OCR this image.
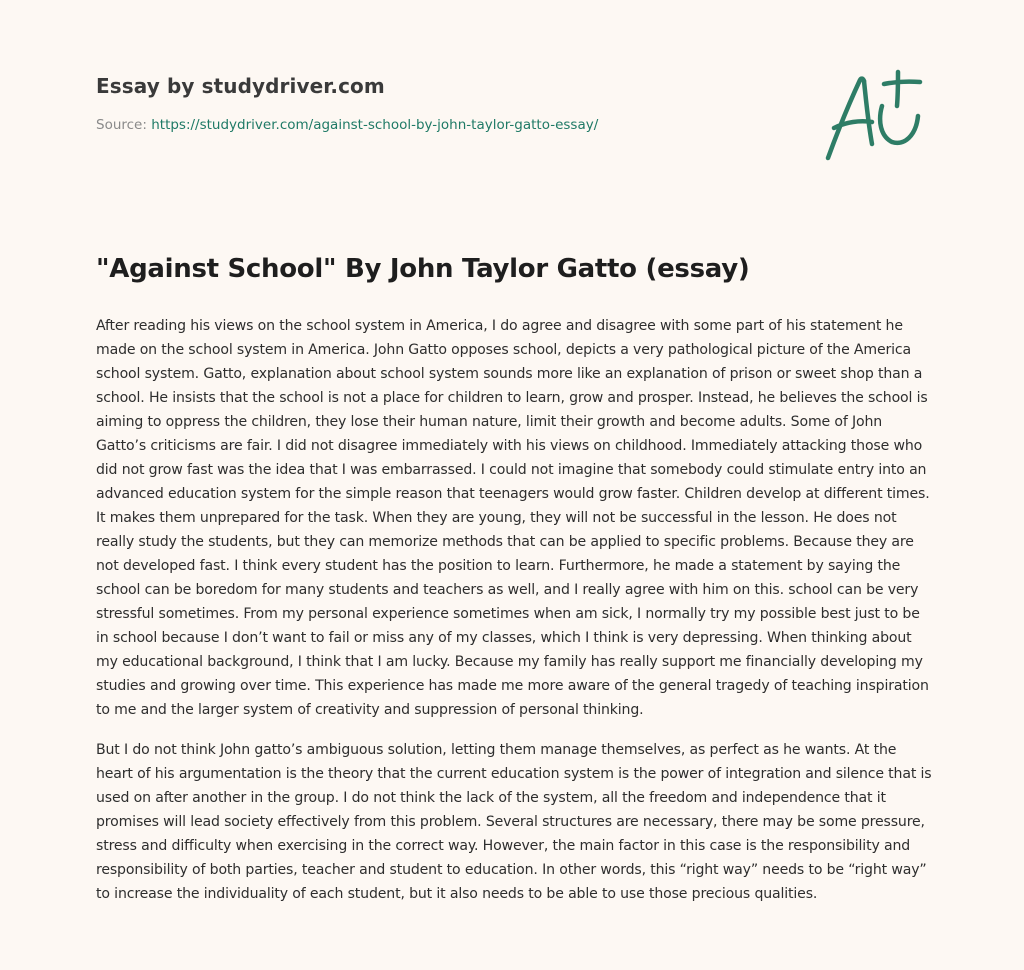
Essay by studydriver.com
Source: https://studydriver.com/against-school-by-john-taylor-gatto-essay/
"Against School" By John Taylor Gatto (essay)

After reading his views on the school system in America, I do agree and disagree with some part of his statement he made on the school system in America. John Gatto opposes school, depicts a very pathological picture of the America school system. Gatto, explanation about school system sounds more like an explanation of prison or sweet shop than a school. He insists that the school is not a place for children to learn, grow and prosper. Instead, he believes the school is aiming to oppress the children, they lose their human nature, limit their growth and become adults. Some of John Gatto’s criticisms are fair. I did not disagree immediately with his views on childhood. Immediately attacking those who did not grow fast was the idea that I was embarrassed. I could not imagine that somebody could stimulate entry into an advanced education system for the simple reason that teenagers would grow faster. Children develop at different times. It makes them unprepared for the task. When they are young, they will not be successful in the lesson. He does not really study the students, but they can memorize methods that can be applied to specific problems. Because they are not developed fast. I think every student has the position to learn. Furthermore, he made a statement by saying the school can be boredom for many students and teachers as well, and I really agree with him on this. school can be very stressful sometimes. From my personal experience sometimes when am sick, I normally try my possible best just to be in school because I don’t want to fail or miss any of my classes, which I think is very depressing. When thinking about my educational background, I think that I am lucky. Because my family has really support me financially developing my studies and growing over time. This experience has made me more aware of the general tragedy of teaching inspiration to me and the larger system of creativity and suppression of personal thinking.

But I do not think John gatto’s ambiguous solution, letting them manage themselves, as perfect as he wants. At the heart of his argumentation is the theory that the current education system is the power of integration and silence that is used on after another in the group. I do not think the lack of the system, all the freedom and independence that it promises will lead society effectively from this problem. Several structures are necessary, there may be some pressure, stress and difficulty when exercising in the correct way. However, the main factor in this case is the responsibility and responsibility of both parties, teacher and student to education. In other words, this “right way” needs to be “right way” to increase the individuality of each student, but it also needs to be able to use those precious qualities.
